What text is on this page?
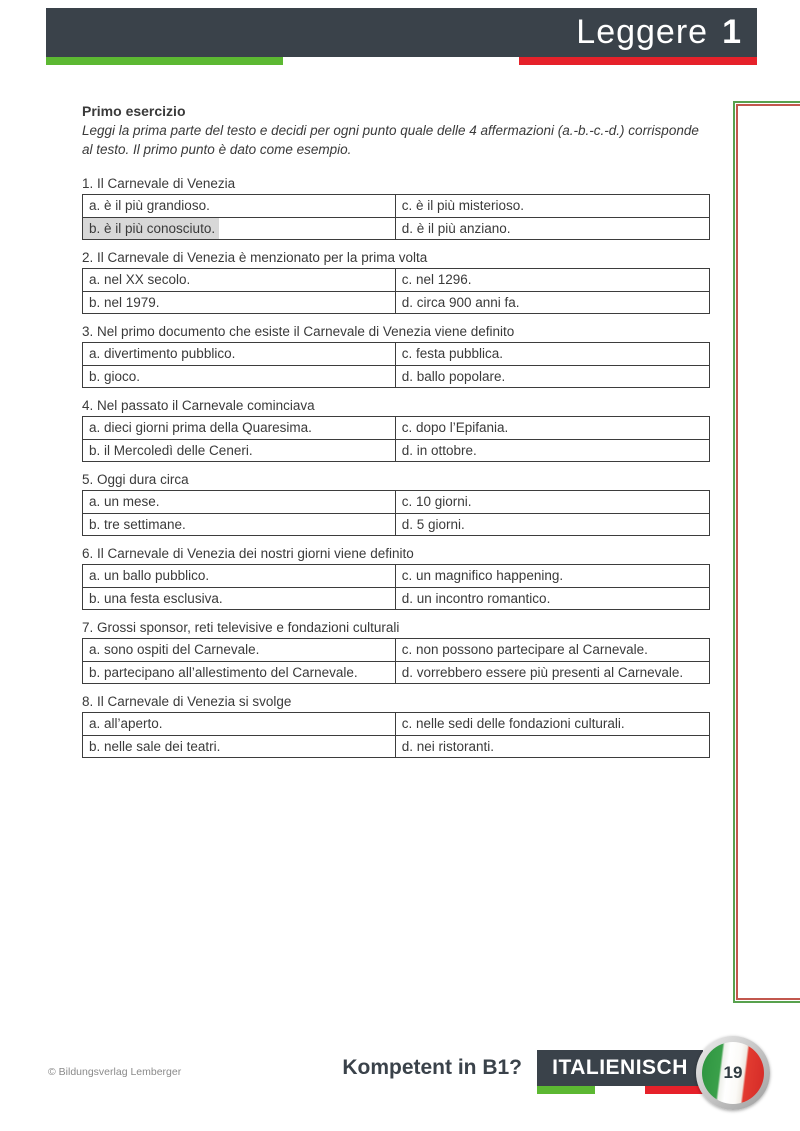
Leggere 1
Primo esercizio
Leggi la prima parte del testo e decidi per ogni punto quale delle 4 affermazioni (a.-b.-c.-d.) corrisponde al testo. Il primo punto è dato come esempio.
1. Il Carnevale di Venezia
a. è il più grandioso.	c. è il più misterioso.
b. è il più conosciuto.	d. è il più anziano.
2. Il Carnevale di Venezia è menzionato per la prima volta
a. nel XX secolo.	c. nel 1296.
b. nel 1979.	d. circa 900 anni fa.
3. Nel primo documento che esiste il Carnevale di Venezia viene definito
a. divertimento pubblico.	c. festa pubblica.
b. gioco.	d. ballo popolare.
4. Nel passato il Carnevale cominciava
a. dieci giorni prima della Quaresima.	c. dopo l’Epifania.
b. il Mercoledì delle Ceneri.	d. in ottobre.
5. Oggi dura circa
a. un mese.	c. 10 giorni.
b. tre settimane.	d. 5 giorni.
6. Il Carnevale di Venezia dei nostri giorni viene definito
a. un ballo pubblico.	c. un magnifico happening.
b. una festa esclusiva.	d. un incontro romantico.
7. Grossi sponsor, reti televisive e fondazioni culturali
a. sono ospiti del Carnevale.	c. non possono partecipare al Carnevale.
b. partecipano all’allestimento del Carnevale.	d. vorrebbero essere più presenti al Carnevale.
8. Il Carnevale di Venezia si svolge
a. all’aperto.	c. nelle sedi delle fondazioni culturali.
b. nelle sale dei teatri.	d. nei ristoranti.
© Bildungsverlag Lemberger	Kompetent in B1? ITALIENISCH 19
